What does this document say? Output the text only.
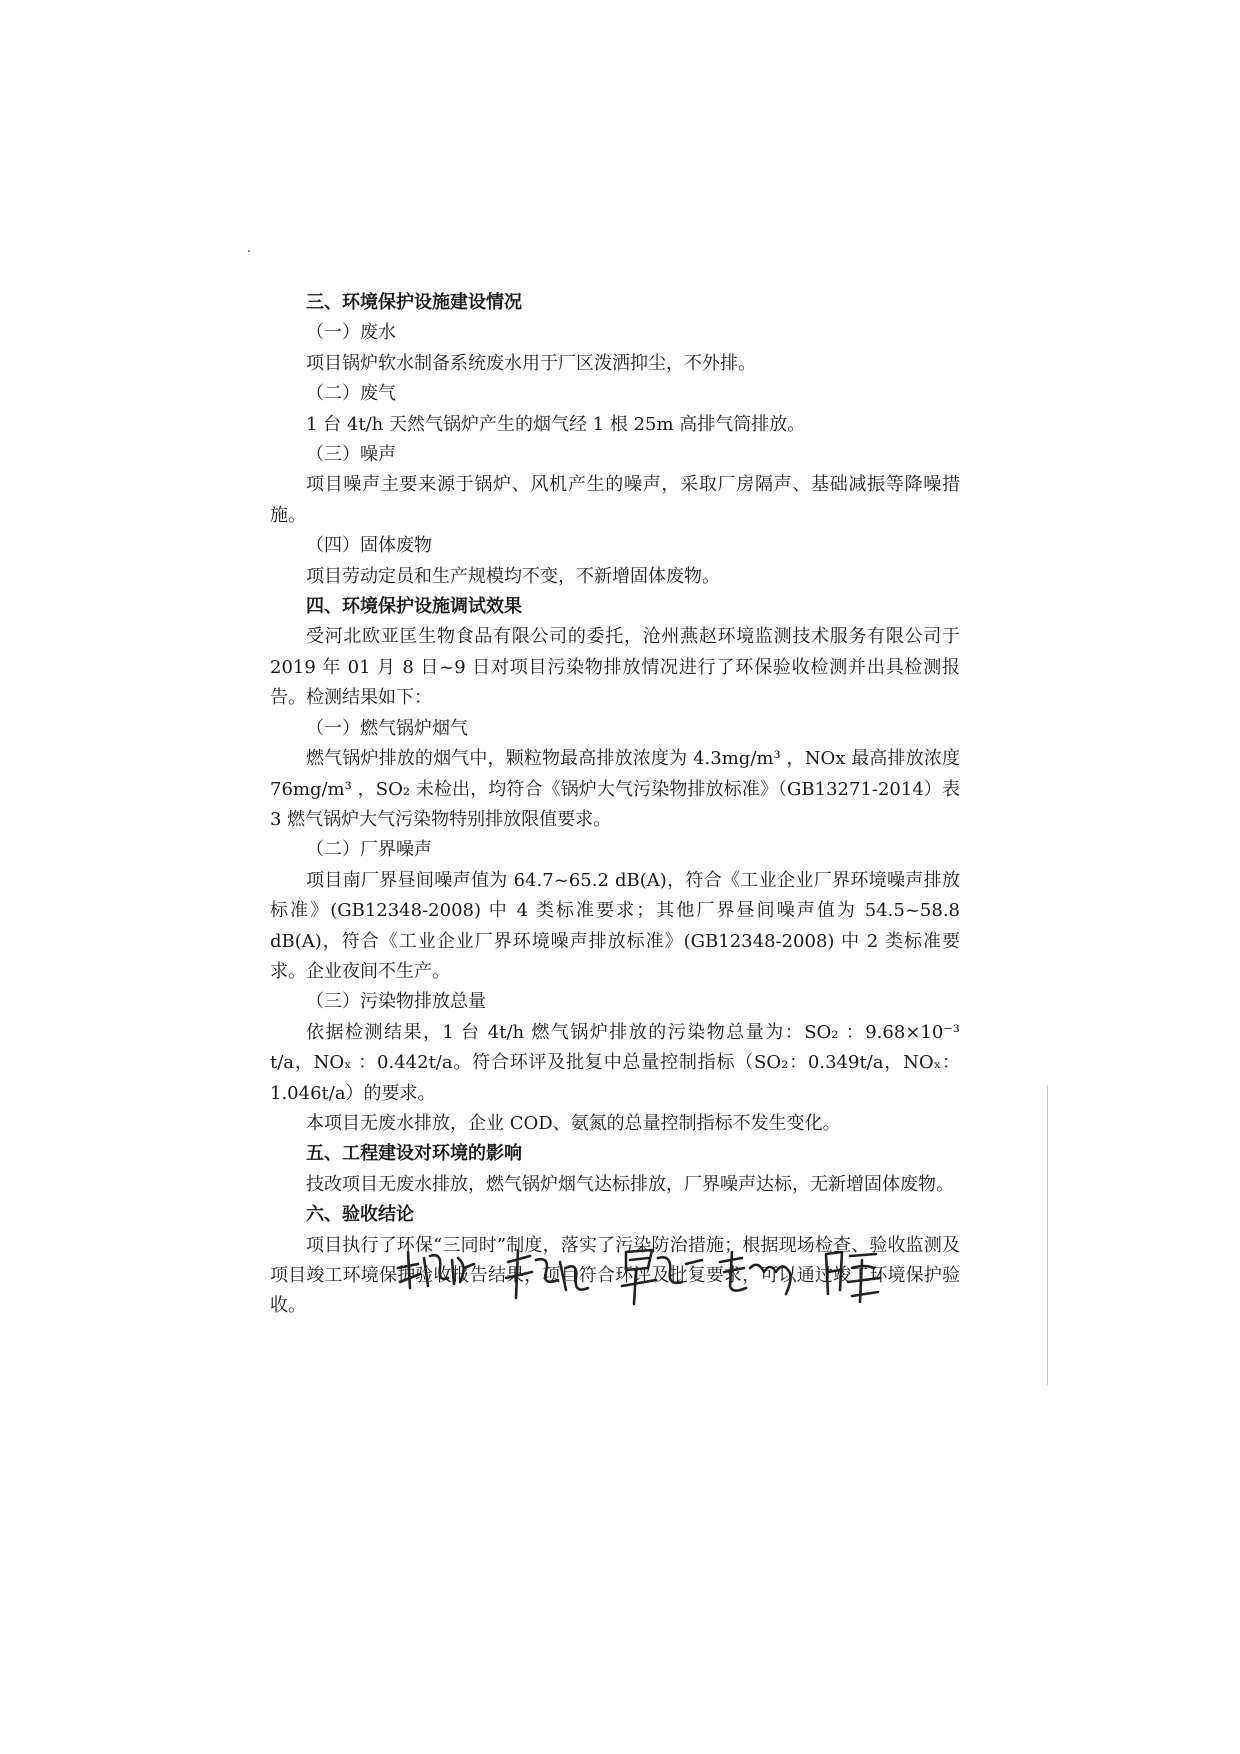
三、环境保护设施建设情况

（一）废水

项目锅炉软水制备系统废水用于厂区泼洒抑尘，不外排。

（二）废气

1 台 4t/h 天然气锅炉产生的烟气经 1 根 25m 高排气筒排放。

（三）噪声

项目噪声主要来源于锅炉、风机产生的噪声，采取厂房隔声、基础减振等降噪措施。

（四）固体废物

项目劳动定员和生产规模均不变，不新增固体废物。

四、环境保护设施调试效果

受河北欧亚匡生物食品有限公司的委托，沧州燕赵环境监测技术服务有限公司于 2019 年 01 月 8 日~9 日对项目污染物排放情况进行了环保验收检测并出具检测报告。检测结果如下：

（一）燃气锅炉烟气

燃气锅炉排放的烟气中，颗粒物最高排放浓度为 4.3mg/m³ ，NOx 最高排放浓度 76mg/m³ ，SO₂ 未检出，均符合《锅炉大气污染物排放标准》（GB13271-2014）表 3 燃气锅炉大气污染物特别排放限值要求。

（二）厂界噪声

项目南厂界昼间噪声值为 64.7~65.2 dB(A)，符合《工业企业厂界环境噪声排放标准》(GB12348-2008) 中 4 类标准要求；其他厂界昼间噪声值为 54.5~58.8 dB(A)，符合《工业企业厂界环境噪声排放标准》(GB12348-2008) 中 2 类标准要求。企业夜间不生产。

（三）污染物排放总量

依据检测结果，1 台 4t/h 燃气锅炉排放的污染物总量为：SO₂ ：9.68×10⁻³ t/a，NOₓ ：0.442t/a。符合环评及批复中总量控制指标（SO₂：0.349t/a，NOₓ：1.046t/a）的要求。

本项目无废水排放，企业 COD、氨氮的总量控制指标不发生变化。

五、工程建设对环境的影响

技改项目无废水排放，燃气锅炉烟气达标排放，厂界噪声达标，无新增固体废物。

六、验收结论

项目执行了环保“三同时”制度，落实了污染防治措施；根据现场检查、验收监测及项目竣工环境保护验收报告结果，项目符合环评及批复要求，可以通过竣工环境保护验收。
